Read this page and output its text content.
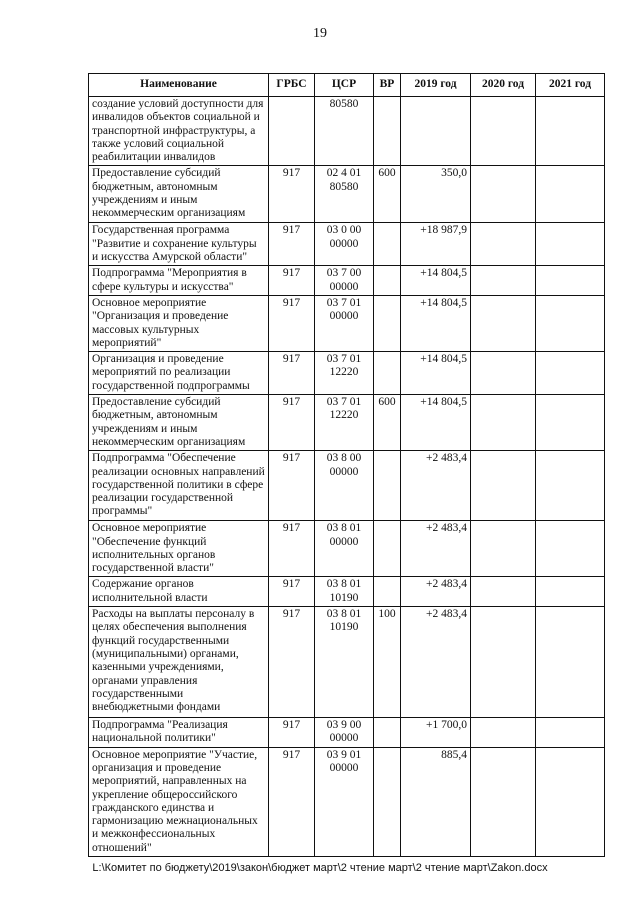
19
Наименование	ГРБС	ЦСР	ВР	2019 год	2020 год	2021 год
создание условий доступности для инвалидов объектов социальной и транспортной инфраструктуры, а также условий социальной реабилитации инвалидов		80580				
Предоставление субсидий бюджетным, автономным учреждениям и иным некоммерческим организациям	917	02 4 01 80580	600	350,0		
Государственная программа "Развитие и сохранение культуры и искусства Амурской области"	917	03 0 00 00000		+18 987,9		
Подпрограмма "Мероприятия в сфере культуры и искусства"	917	03 7 00 00000		+14 804,5		
Основное мероприятие "Организация и проведение массовых культурных мероприятий"	917	03 7 01 00000		+14 804,5		
Организация и проведение мероприятий по реализации государственной подпрограммы	917	03 7 01 12220		+14 804,5		
Предоставление субсидий бюджетным, автономным учреждениям и иным некоммерческим организациям	917	03 7 01 12220	600	+14 804,5		
Подпрограмма "Обеспечение реализации основных направлений государственной политики в сфере реализации государственной программы"	917	03 8 00 00000		+2 483,4		
Основное мероприятие "Обеспечение функций исполнительных органов государственной власти"	917	03 8 01 00000		+2 483,4		
Содержание органов исполнительной власти	917	03 8 01 10190		+2 483,4		
Расходы на выплаты персоналу в целях обеспечения выполнения функций государственными (муниципальными) органами, казенными учреждениями, органами управления государственными внебюджетными фондами	917	03 8 01 10190	100	+2 483,4		
Подпрограмма "Реализация национальной политики"	917	03 9 00 00000		+1 700,0		
Основное мероприятие "Участие, организация и проведение мероприятий, направленных на укрепление общероссийского гражданского единства и гармонизацию межнациональных и межконфессиональных отношений"	917	03 9 01 00000		885,4		
L:\Комитет по бюджету\2019\закон\бюджет март\2 чтение март\2 чтение март\Zakon.docx
